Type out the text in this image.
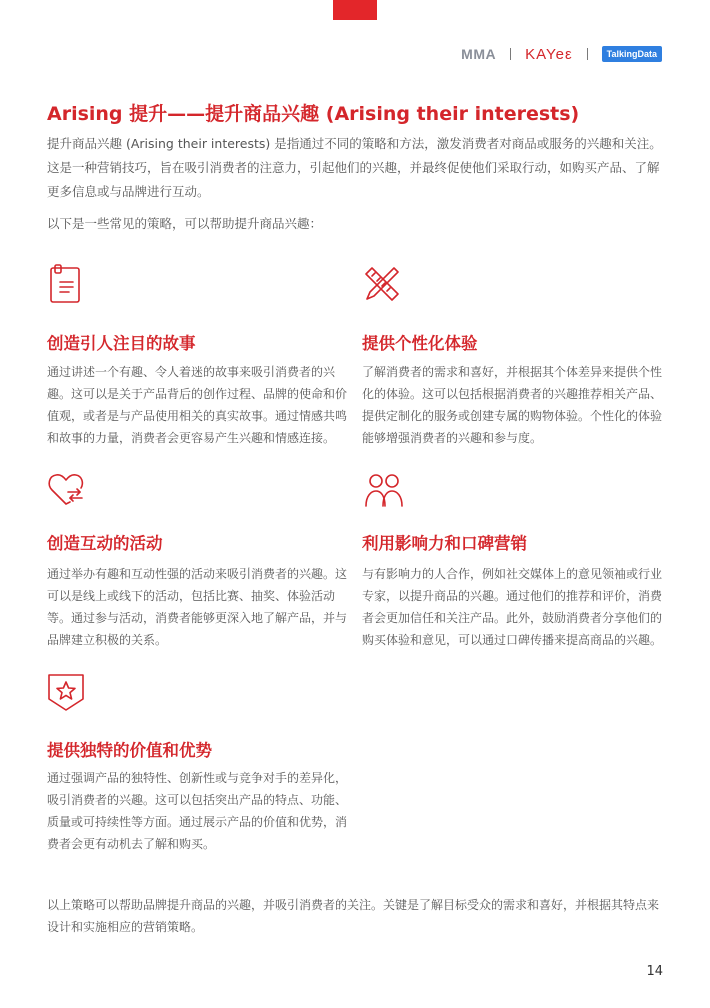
MMA KAYeε	TalkingData
Arising 提升——提升商品兴趣 (Arising their interests)

提升商品兴趣 (Arising their interests) 是指通过不同的策略和方法，激发消费者对商品或服务的兴趣和关注。这是一种营销技巧，旨在吸引消费者的注意力，引起他们的兴趣，并最终促使他们采取行动，如购买产品、了解更多信息或与品牌进行互动。

以下是一些常见的策略，可以帮助提升商品兴趣：

创造引人注目的故事

通过讲述一个有趣、令人着迷的故事来吸引消费者的兴趣。这可以是关于产品背后的创作过程、品牌的使命和价值观，或者是与产品使用相关的真实故事。通过情感共鸣和故事的力量，消费者会更容易产生兴趣和情感连接。

提供个性化体验

了解消费者的需求和喜好，并根据其个体差异来提供个性化的体验。这可以包括根据消费者的兴趣推荐相关产品、提供定制化的服务或创建专属的购物体验。个性化的体验能够增强消费者的兴趣和参与度。

创造互动的活动

通过举办有趣和互动性强的活动来吸引消费者的兴趣。这可以是线上或线下的活动，包括比赛、抽奖、体验活动等。通过参与活动，消费者能够更深入地了解产品，并与品牌建立积极的关系。

利用影响力和口碑营销

与有影响力的人合作，例如社交媒体上的意见领袖或行业专家，以提升商品的兴趣。通过他们的推荐和评价，消费者会更加信任和关注产品。此外，鼓励消费者分享他们的购买体验和意见，可以通过口碑传播来提高商品的兴趣。

提供独特的价值和优势

通过强调产品的独特性、创新性或与竞争对手的差异化，吸引消费者的兴趣。这可以包括突出产品的特点、功能、质量或可持续性等方面。通过展示产品的价值和优势，消费者会更有动机去了解和购买。

以上策略可以帮助品牌提升商品的兴趣，并吸引消费者的关注。关键是了解目标受众的需求和喜好，并根据其特点来设计和实施相应的营销策略。

14
